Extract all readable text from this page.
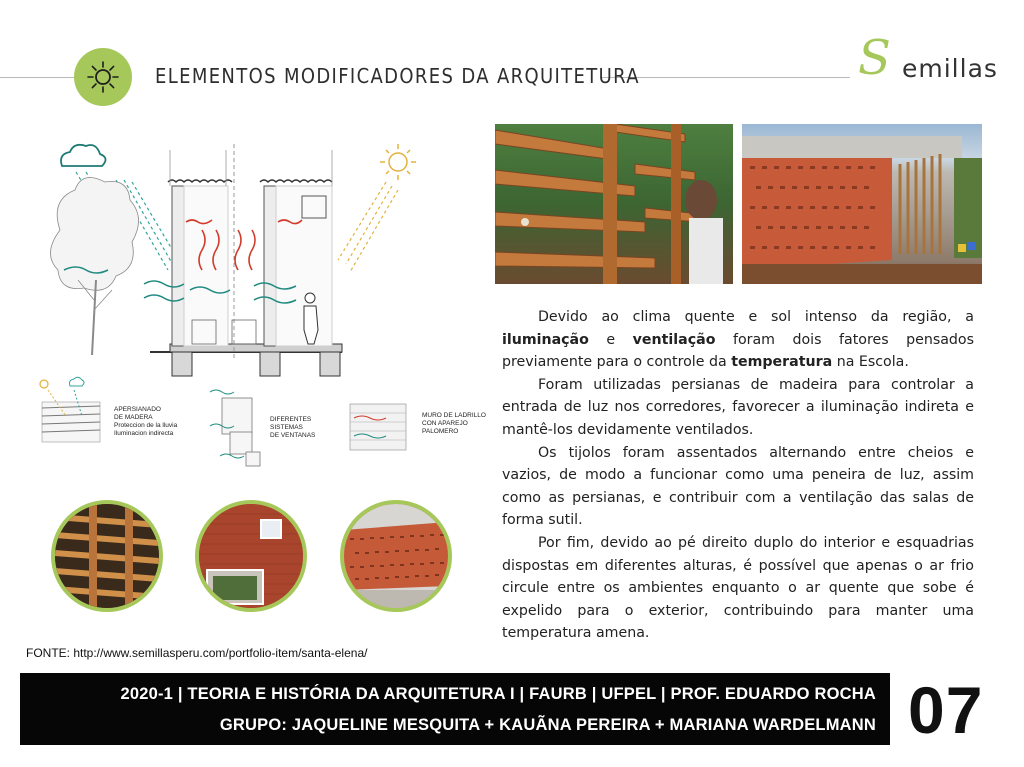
ELEMENTOS MODIFICADORES DA ARQUITETURA	S emillas
APERSIANADO
DE MADERA
Proteccion de la lluvia
Iluminacion indirecta
DIFERENTES
SISTEMAS
DE VENTANAS
MURO DE LADRILLO
CON APAREJO
PALOMERO

Devido ao clima quente e sol intenso da região, a iluminação e ventilação foram dois fatores pensados previamente para o controle da temperatura na Escola.

Foram utilizadas persianas de madeira para controlar a entrada de luz nos corredores, favorecer a iluminação indireta e mantê-los devidamente ventilados.

Os tijolos foram assentados alternando entre cheios e vazios, de modo a funcionar como uma peneira de luz, assim como as persianas, e contribuir com a ventilação das salas de forma sutil.

Por fim, devido ao pé direito duplo do interior e esquadrias dispostas em diferentes alturas, é possível que apenas o ar frio circule entre os ambientes enquanto o ar quente que sobe é expelido para o exterior, contribuindo para manter uma temperatura amena.

FONTE: http://www.semillasperu.com/portfolio-item/santa-elena/
2020-1 | TEORIA E HISTÓRIA DA ARQUITETURA I | FAURB | UFPEL | PROF. EDUARDO ROCHA
GRUPO: JAQUELINE MESQUITA + KAUÃNA PEREIRA + MARIANA WARDELMANN 07
